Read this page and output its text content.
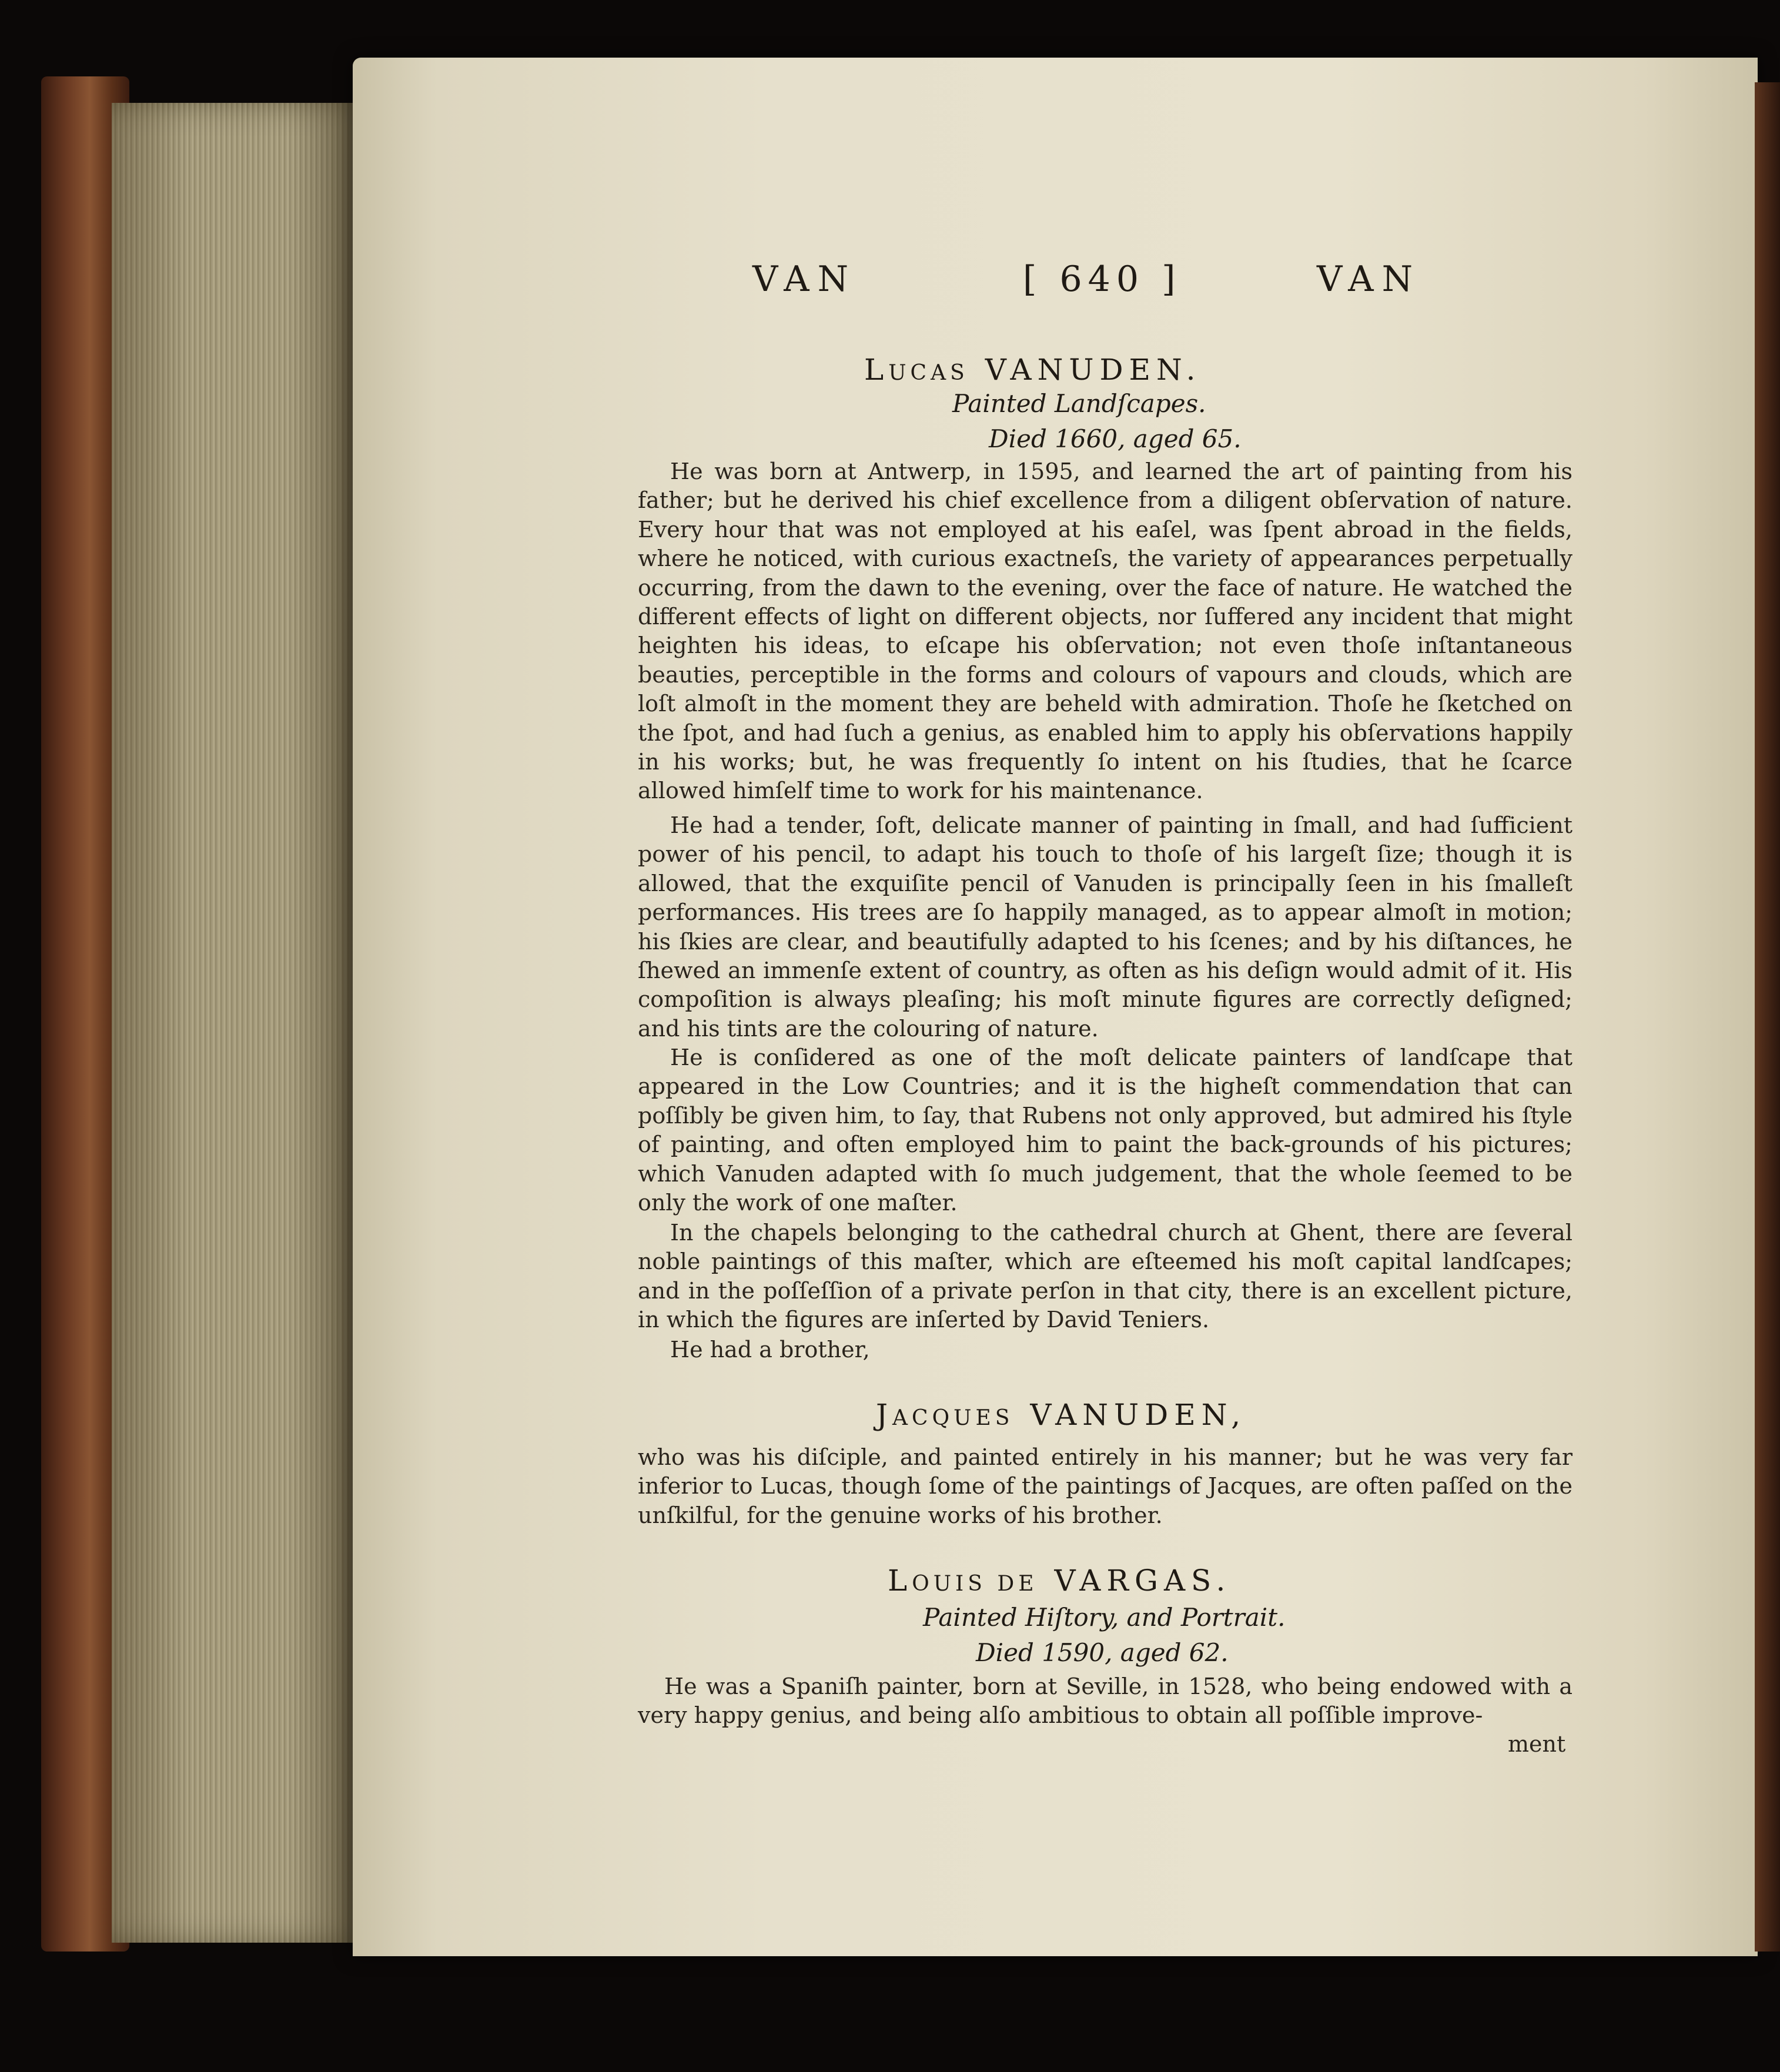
VAN	[ 640 ]	VAN
LUCAS VANUDEN.
Painted Landſcapes.
Died 1660, aged 65.
He was born at Antwerp, in 1595, and learned the art of painting from his father; but he derived his chief excellence from a diligent obſervation of nature. Every hour that was not employed at his eaſel, was ſpent abroad in the fields, where he noticed, with curious exactneſs, the variety of appearances perpetually occurring, from the dawn to the evening, over the face of nature. He watched the different effects of light on different objects, nor ſuffered any incident that might heighten his ideas, to eſcape his obſervation; not even thoſe inſtantaneous beauties, perceptible in the forms and colours of vapours and clouds, which are loſt almoſt in the moment they are beheld with admiration. Thoſe he ſketched on the ſpot, and had ſuch a genius, as enabled him to apply his obſervations happily in his works; but, he was frequently ſo intent on his ſtudies, that he ſcarce allowed himſelf time to work for his maintenance.
He had a tender, ſoft, delicate manner of painting in ſmall, and had ſufficient power of his pencil, to adapt his touch to thoſe of his largeſt ſize; though it is allowed, that the exquiſite pencil of Vanuden is principally ſeen in his ſmalleſt performances. His trees are ſo happily managed, as to appear almoſt in motion; his ſkies are clear, and beautifully adapted to his ſcenes; and by his diſtances, he ſhewed an immenſe extent of country, as often as his deſign would admit of it. His compoſition is always pleaſing; his moſt minute figures are correctly deſigned; and his tints are the colouring of nature.
He is conſidered as one of the moſt delicate painters of landſcape that appeared in the Low Countries; and it is the higheſt commendation that can poſſibly be given him, to ſay, that Rubens not only approved, but admired his ſtyle of painting, and often employed him to paint the back-grounds of his pictures; which Vanuden adapted with ſo much judgement, that the whole ſeemed to be only the work of one maſter.
In the chapels belonging to the cathedral church at Ghent, there are ſeveral noble paintings of this maſter, which are eſteemed his moſt capital landſcapes; and in the poſſeſſion of a private perſon in that city, there is an excellent picture, in which the figures are inſerted by David Teniers.
He had a brother,
JACQUES VANUDEN,
who was his diſciple, and painted entirely in his manner; but he was very far inferior to Lucas, though ſome of the paintings of Jacques, are often paſſed on the unſkilful, for the genuine works of his brother.
LOUIS DE VARGAS.
Painted Hiſtory, and Portrait.
Died 1590, aged 62.
He was a Spaniſh painter, born at Seville, in 1528, who being endowed with a very happy genius, and being alſo ambitious to obtain all poſſible improve-
ment
